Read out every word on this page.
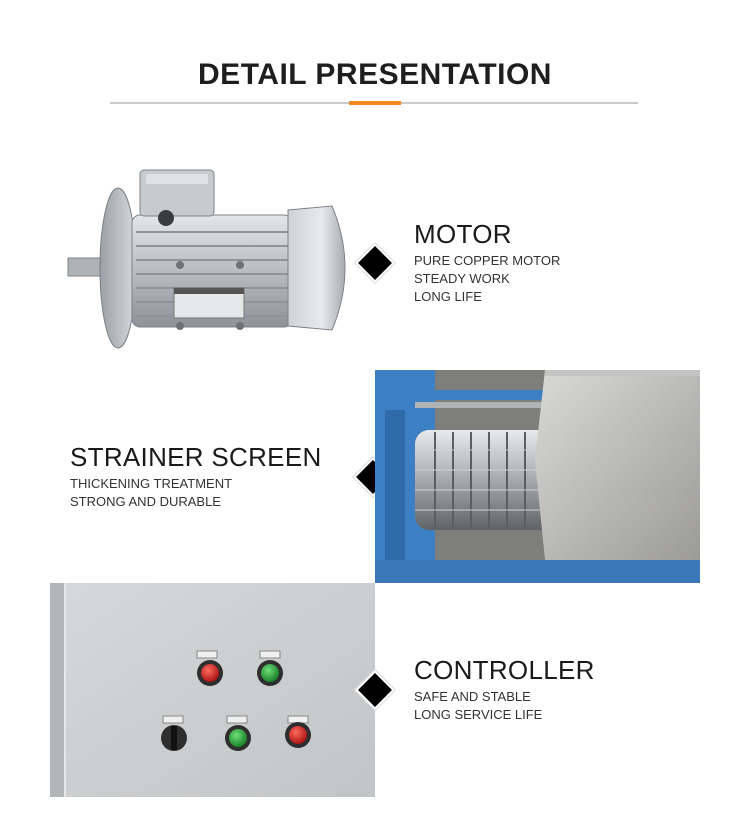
DETAIL PRESENTATION
MOTOR
PURE COPPER MOTOR
STEADY WORK
LONG LIFE
STRAINER SCREEN
THICKENING TREATMENT
STRONG AND DURABLE
CONTROLLER
SAFE AND STABLE
LONG SERVICE LIFE
